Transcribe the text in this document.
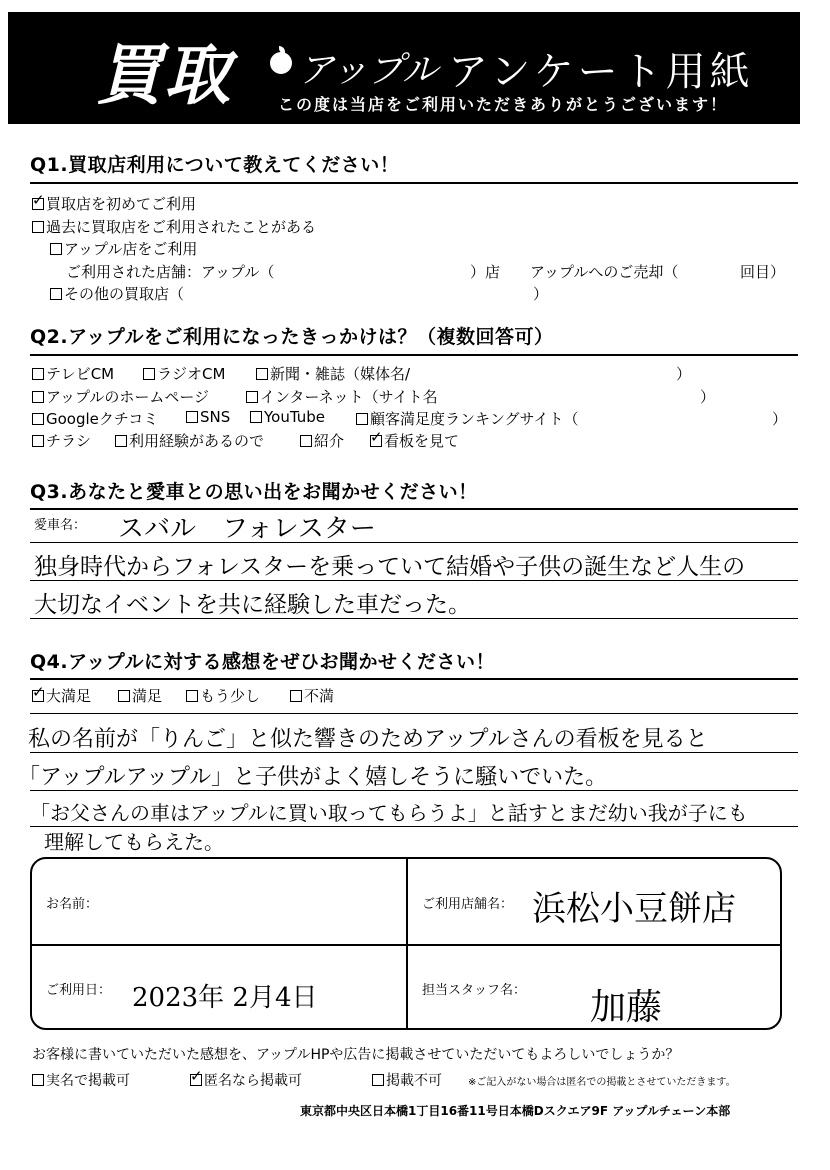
買取 アップル アンケート用紙
この度は当店をご利用いただきありがとうございます！
Q1.買取店利用について教えてください！
✓買取店を初めてご利用
過去に買取店をご利用されたことがある
アップル店をご利用
ご利用された店舗：アップル（	）店 アップルへのご売却（	回目）
その他の買取店（	）
Q2.アップルをご利用になったきっかけは？（複数回答可）
テレビCM	ラジオCM	新聞・雑誌（媒体名/	）
アップルのホームページ	インターネット（サイト名	）
Googleクチコミ	SNS	YouTube	顧客満足度ランキングサイト（	）
チラシ	利用経験があるので	紹介 ✓	看板を見て
Q3.あなたと愛車との思い出をお聞かせください！
愛車名： スバル　フォレスター
独身時代からフォレスターを乗っていて結婚や子供の誕生など人生の
大切なイベントを共に経験した車だった。
Q4.アップルに対する感想をぜひお聞かせください！
✓大満足	満足	もう少し	不満
私の名前が「りんご」と似た響きのためアップルさんの看板を見ると
「アップルアップル」と子供がよく嬉しそうに騒いでいた。
「お父さんの車はアップルに買い取ってもらうよ」と話すとまだ幼い我が子にも
理解してもらえた。
お名前：	ご利用店舗名： 浜松小豆餅店
ご利用日： 2023年 2月4日	担当スタッフ名： 加藤
お客様に書いていただいた感想を、アップルHPや広告に掲載させていただいてもよろしいでしょうか？
実名で掲載可 ✓	匿名なら掲載可	掲載不可	※ご記入がない場合は匿名での掲載とさせていただきます。
東京都中央区日本橋1丁目16番11号日本橋Dスクエア9F アップルチェーン本部
